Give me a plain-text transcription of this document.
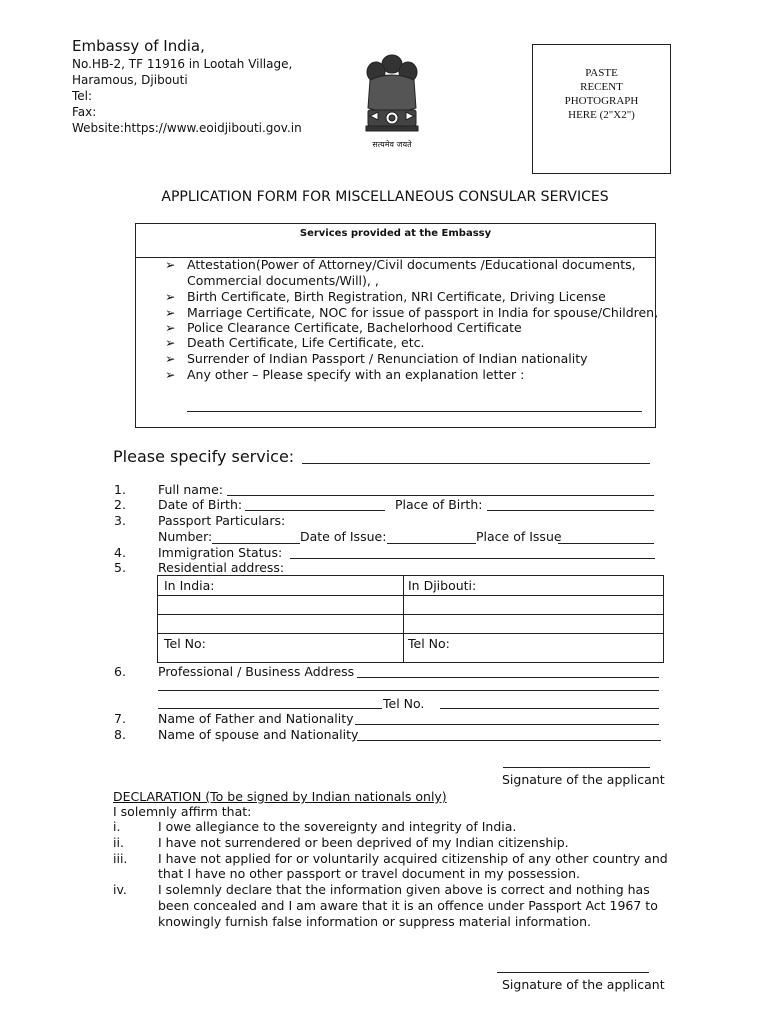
Embassy of India,
No.HB-2, TF 11916 in Lootah Village,
Haramous, Djibouti
Tel:
Fax:
Website:https://www.eoidjibouti.gov.in
सत्यमेव जयते
PASTE
RECENT
PHOTOGRAPH
HERE (2"X2")
APPLICATION FORM FOR MISCELLANEOUS CONSULAR SERVICES
Services provided at the Embassy
➢ Attestation(Power of Attorney/Civil documents /Educational documents,
Commercial documents/Will), ,
➢ Birth Certificate, Birth Registration, NRI Certificate, Driving License
➢ Marriage Certificate, NOC for issue of passport in India for spouse/Children,
➢ Police Clearance Certificate, Bachelorhood Certificate
➢ Death Certificate, Life Certificate, etc.
➢ Surrender of Indian Passport / Renunciation of Indian nationality
➢ Any other – Please specify with an explanation letter :
Please specify service:
1.	Full name:
2.	Date of Birth:	Place of Birth:
3.	Passport Particulars:
Number:	Date of Issue:	Place of Issue
4.	Immigration Status:
5.	Residential address:
In India:	In Djibouti:
Tel No:	Tel No:
6.	Professional / Business Address
Tel No.
7.	Name of Father and Nationality
8.	Name of spouse and Nationality
Signature of the applicant
DECLARATION (To be signed by Indian nationals only)
I solemnly affirm that:
i.	I owe allegiance to the sovereignty and integrity of India.
ii.	I have not surrendered or been deprived of my Indian citizenship.
iii. I have not applied for or voluntarily acquired citizenship of any other country and
that I have no other passport or travel document in my possession.
iv. I solemnly declare that the information given above is correct and nothing has
been concealed and I am aware that it is an offence under Passport Act 1967 to
knowingly furnish false information or suppress material information.
Signature of the applicant
